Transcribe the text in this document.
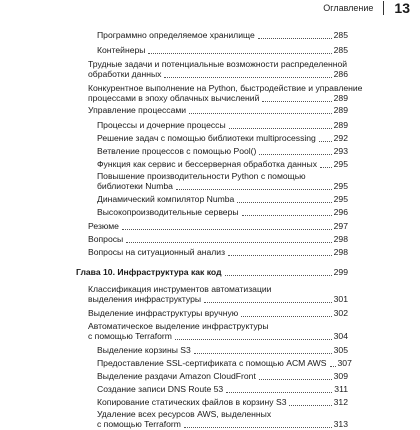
Оглавление 13
Программно определяемое хранилище	285
Контейнеры	285
Трудные задачи и потенциальные возможности распределенной
обработки данных	286
Конкурентное выполнение на Python, быстродействие и управление
процессами в эпоху облачных вычислений	289
Управление процессами	289
Процессы и дочерние процессы	289
Решение задач с помощью библиотеки multiprocessing 292
Ветвление процессов с помощью Pool()	293
Функция как сервис и бессерверная обработка данных 295
Повышение производительности Python с помощью
библиотеки Numba	295
Динамический компилятор Numba	295
Высокопроизводительные серверы	296
Резюме	297
Вопросы	298
Вопросы на ситуационный анализ	298
Глава 10. Инфраструктура как код	299
Классификация инструментов автоматизации
выделения инфраструктуры	301
Выделение инфраструктуры вручную	302
Автоматическое выделение инфраструктуры
с помощью Terraform	304
Выделение корзины S3	305
Предоставление SSL-сертификата с помощью ACM AWS 307
Выделение раздачи Amazon CloudFront	309
Создание записи DNS Route 53	311
Копирование статических файлов в корзину S3	312
Удаление всех ресурсов AWS, выделенных
с помощью Terraform	313
